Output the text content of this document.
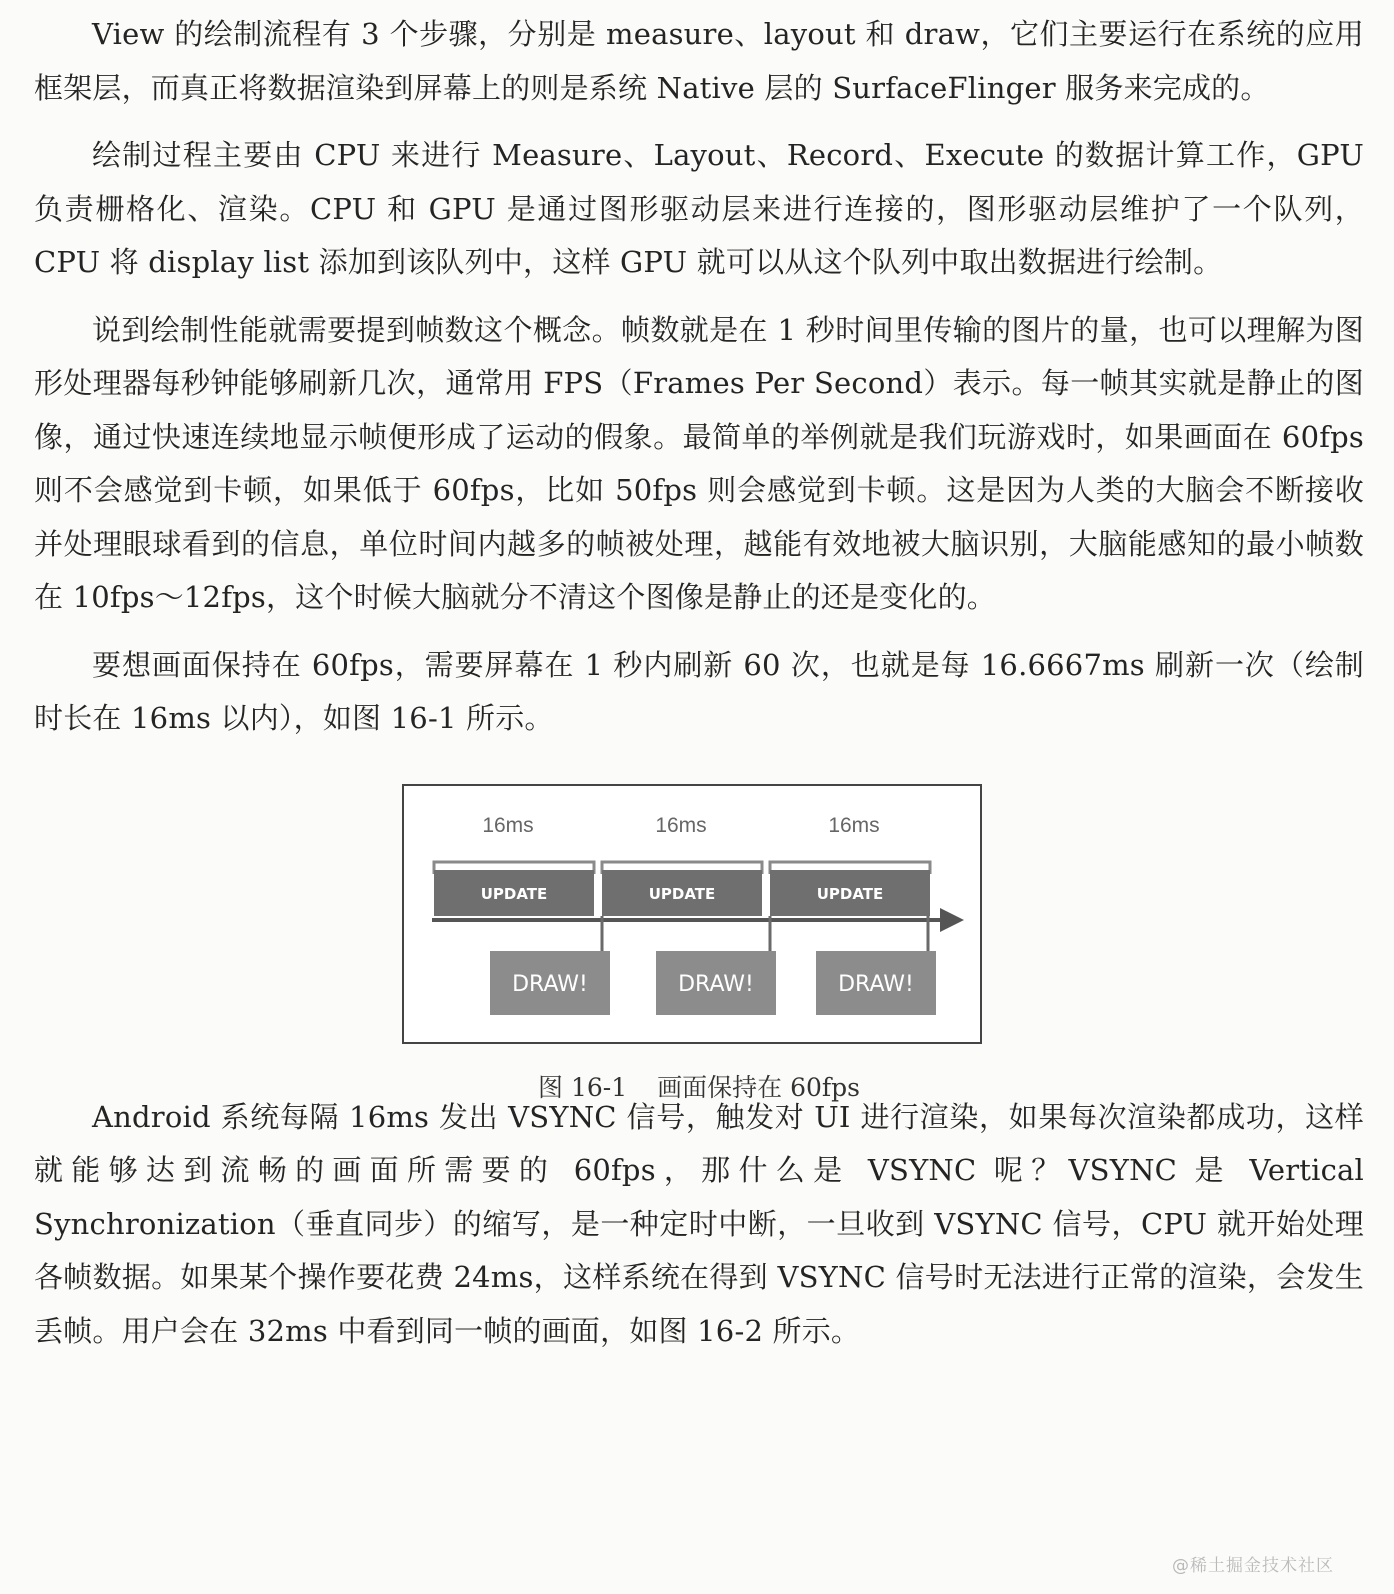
View 的绘制流程有 3 个步骤，分别是 measure、layout 和 draw，它们主要运行在系统的应用框架层，而真正将数据渲染到屏幕上的则是系统 Native 层的 SurfaceFlinger 服务来完成的。

绘制过程主要由 CPU 来进行 Measure、Layout、Record、Execute 的数据计算工作，GPU 负责栅格化、渲染。CPU 和 GPU 是通过图形驱动层来进行连接的，图形驱动层维护了一个队列，CPU 将 display list 添加到该队列中，这样 GPU 就可以从这个队列中取出数据进行绘制。

说到绘制性能就需要提到帧数这个概念。帧数就是在 1 秒时间里传输的图片的量，也可以理解为图形处理器每秒钟能够刷新几次，通常用 FPS（Frames Per Second）表示。每一帧其实就是静止的图像，通过快速连续地显示帧便形成了运动的假象。最简单的举例就是我们玩游戏时，如果画面在 60fps 则不会感觉到卡顿，如果低于 60fps，比如 50fps 则会感觉到卡顿。这是因为人类的大脑会不断接收并处理眼球看到的信息，单位时间内越多的帧被处理，越能有效地被大脑识别，大脑能感知的最小帧数在 10fps～12fps，这个时候大脑就分不清这个图像是静止的还是变化的。

要想画面保持在 60fps，需要屏幕在 1 秒内刷新 60 次，也就是每 16.6667ms 刷新一次（绘制时长在 16ms 以内），如图 16-1 所示。

16ms	16ms	16ms
UPDATE	UPDATE	UPDATE
DRAW!	DRAW!	DRAW!
图 16-1 画面保持在 60fps

Android 系统每隔 16ms 发出 VSYNC 信号，触发对 UI 进行渲染，如果每次渲染都成功，这样就能够达到流畅的画面所需要的 60fps，那什么是 VSYNC 呢？VSYNC 是 Vertical Synchronization（垂直同步）的缩写，是一种定时中断，一旦收到 VSYNC 信号，CPU 就开始处理各帧数据。如果某个操作要花费 24ms，这样系统在得到 VSYNC 信号时无法进行正常的渲染，会发生丢帧。用户会在 32ms 中看到同一帧的画面，如图 16-2 所示。

@稀土掘金技术社区
